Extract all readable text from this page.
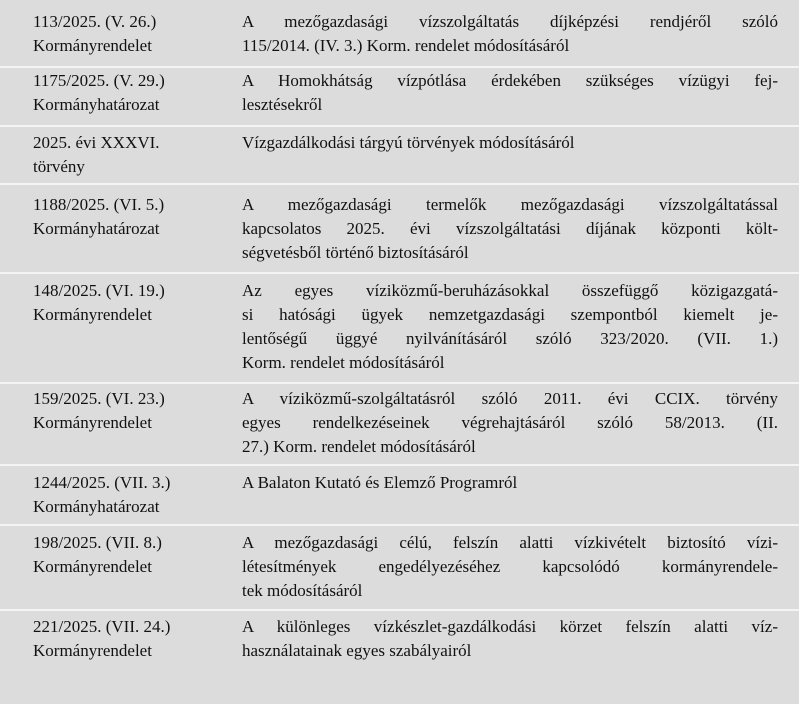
113/2025. (V. 26.)
Kormányrendelet
A mezőgazdasági vízszolgáltatás díjképzési rendjéről szóló
115/2014. (IV. 3.) Korm. rendelet módosításáról
1175/2025. (V. 29.)
Kormányhatározat
A Homokhátság vízpótlása érdekében szükséges vízügyi fej-
lesztésekről
2025. évi XXXVI.
törvény
Vízgazdálkodási tárgyú törvények módosításáról
1188/2025. (VI. 5.)
Kormányhatározat
A mezőgazdasági termelők mezőgazdasági vízszolgáltatással
kapcsolatos 2025. évi vízszolgáltatási díjának központi költ-
ségvetésből történő biztosításáról
148/2025. (VI. 19.)
Kormányrendelet
Az egyes víziközmű-beruházásokkal összefüggő közigazgatá-
si hatósági ügyek nemzetgazdasági szempontból kiemelt je-
lentőségű üggyé nyilvánításáról szóló 323/2020. (VII. 1.)
Korm. rendelet módosításáról
159/2025. (VI. 23.)
Kormányrendelet
A víziközmű-szolgáltatásról szóló 2011. évi CCIX. törvény
egyes rendelkezéseinek végrehajtásáról szóló 58/2013. (II.
27.) Korm. rendelet módosításáról
1244/2025. (VII. 3.)
Kormányhatározat
A Balaton Kutató és Elemző Programról
198/2025. (VII. 8.)
Kormányrendelet
A mezőgazdasági célú, felszín alatti vízkivételt biztosító vízi-
létesítmények engedélyezéséhez kapcsolódó kormányrendele-
tek módosításáról
221/2025. (VII. 24.)
Kormányrendelet
A különleges vízkészlet-gazdálkodási körzet felszín alatti víz-
használatainak egyes szabályairól
